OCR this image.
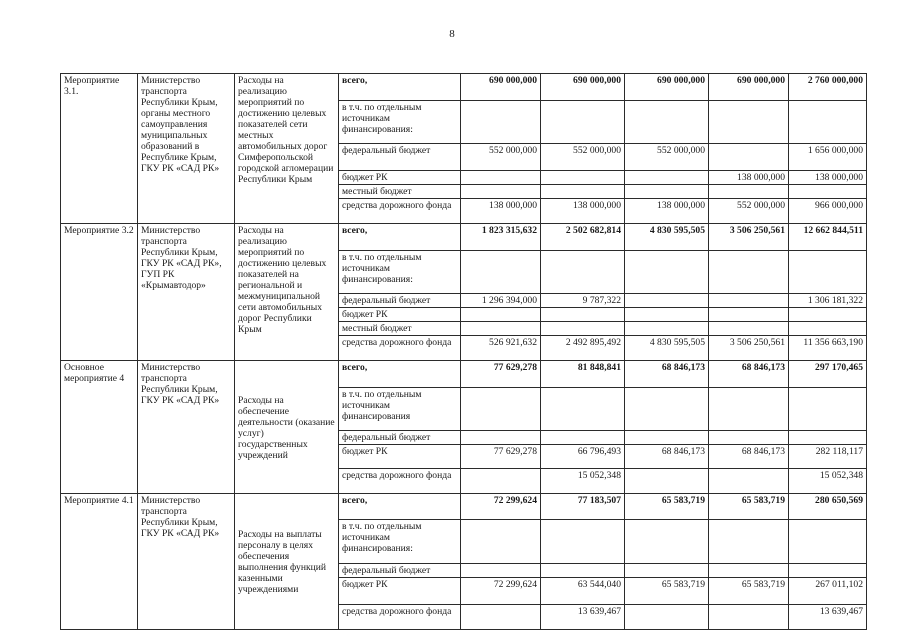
8
Мероприятие 3.1.	Министерство транспорта Республики Крым, органы местного самоуправления муниципальных образований в Республике Крым, ГКУ РК «САД РК»	Расходы на реализацию мероприятий по достижению целевых показателей сети местных автомобильных дорог Симферопольской городской агломерации Республики Крым	всего,	690 000,000	690 000,000	690 000,000	690 000,000	2 760 000,000
			в т.ч. по отдельным источникам финансирования:					
			федеральный бюджет	552 000,000	552 000,000	552 000,000		1 656 000,000
			бюджет РК				138 000,000	138 000,000
			местный бюджет					
			средства дорожного фонда	138 000,000	138 000,000	138 000,000	552 000,000	966 000,000
Мероприятие 3.2	Министерство транспорта Республики Крым, ГКУ РК «САД РК», ГУП РК «Крымавтодор»	Расходы на реализацию мероприятий по достижению целевых показателей на региональной и межмуниципальной сети автомобильных дорог Республики Крым	всего,	1 823 315,632	2 502 682,814	4 830 595,505	3 506 250,561	12 662 844,511
			в т.ч. по отдельным источникам финансирования:					
			федеральный бюджет	1 296 394,000	9 787,322			1 306 181,322
			бюджет РК					
			местный бюджет					
			средства дорожного фонда	526 921,632	2 492 895,492	4 830 595,505	3 506 250,561	11 356 663,190
Основное мероприятие 4	Министерство транспорта Республики Крым, ГКУ РК «САД РК»	Расходы на обеспечение деятельности (оказание услуг) государственных учреждений	всего,	77 629,278	81 848,841	68 846,173	68 846,173	297 170,465
			в т.ч. по отдельным источникам финансирования					
			федеральный бюджет					
			бюджет РК	77 629,278	66 796,493	68 846,173	68 846,173	282 118,117
			средства дорожного фонда		15 052,348			15 052,348
Мероприятие 4.1	Министерство транспорта Республики Крым, ГКУ РК «САД РК»	Расходы на выплаты персоналу в целях обеспечения выполнения функций казенными учреждениями	всего,	72 299,624	77 183,507	65 583,719	65 583,719	280 650,569
			в т.ч. по отдельным источникам финансирования:					
			федеральный бюджет					
			бюджет РК	72 299,624	63 544,040	65 583,719	65 583,719	267 011,102
			средства дорожного фонда		13 639,467			13 639,467
